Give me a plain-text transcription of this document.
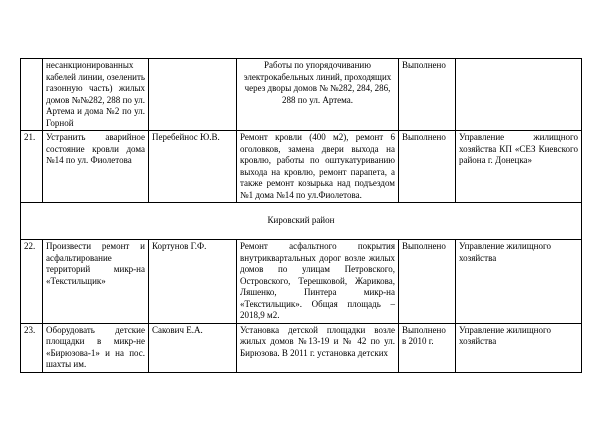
	несанкционированных кабелей линии, озеленить газонную часть) жилых домов №№282, 288 по ул. Артема и дома №2 по ул. Горной		Работы по упорядочиванию электрокабельных линий, проходящих через дворы домов № №282, 284, 286, 288 по ул. Артема.	Выполнено	
21.	Устранить аварийное состояние кровли дома №14 по ул. Фиолетова	Перебейнос Ю.В.	Ремонт кровли (400 м2), ремонт 6 оголовков, замена двери выхода на кровлю, работы по оштукатуриванию выхода на кровлю, ремонт парапета, а также ремонт козырька над подъездом №1 дома №14 по ул.Фиолетова.	Выполнено	Управление жилищного хозяйства КП «СЕЗ Киевского района г. Донецка»
Кировский район					
22.	Произвести ремонт и асфальтирование территорий микр-на «Текстильщик»	Кортунов Г.Ф.	Ремонт асфальтного покрытия внутриквартальных дорог возле жилых домов по улицам Петровского, Островского, Терешковой, Жарикова, Ляшенко, Пинтера микр-на «Текстильщик». Общая площадь – 2018,9 м2.	Выполнено	Управление жилищного хозяйства
23.	Оборудовать детские площадки в микр-не «Бирюзова-1» и на пос. шахты им.	Сакович Е.А.	Установка детской площадки возле жилых домов №13-19 и № 42 по ул. Бирюзова. В 2011 г. установка детских	Выполнено в 2010 г.	Управление жилищного хозяйства
